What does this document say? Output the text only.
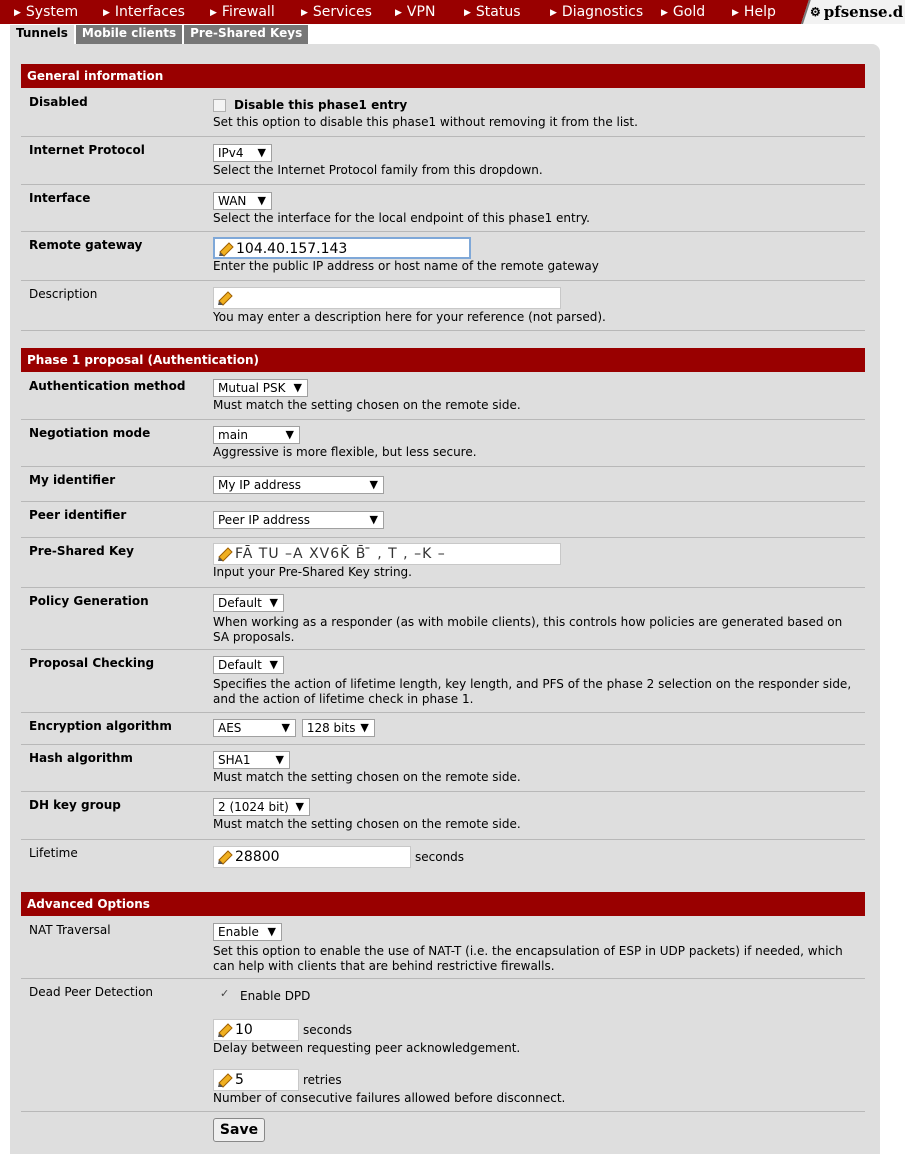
▶ System	▶ Interfaces	▶ Firewall	▶ Services	▶ VPN	▶ Status	▶ Diagnostics ▶ Gold	▶ Help	⚙ pfsense.d
Tunnels	Mobile clients	Pre-Shared Keys
General information
Disabled	Disable this phase1 entry
Set this option to disable this phase1 without removing it from the list.
Internet Protocol	IPv4 ▼
Select the Internet Protocol family from this dropdown.
Interface	WAN ▼
Select the interface for the local endpoint of this phase1 entry.
Remote gateway	104.40.157.143
Enter the public IP address or host name of the remote gateway
Description
You may enter a description here for your reference (not parsed).
Phase 1 proposal (Authentication)
Authentication method	Mutual PSK ▼
Must match the setting chosen on the remote side.
Negotiation mode	main	▼
Aggressive is more flexible, but less secure.
My identifier	My IP address	▼
Peer identifier	Peer IP address	▼
Pre-Shared Key	FĀ TU –A XV6K̄ B̄ ̄ , T , –K –
Input your Pre-Shared Key string.
Policy Generation	Default ▼
When working as a responder (as with mobile clients), this controls how policies are generated based on SA proposals.
Proposal Checking	Default ▼
Specifies the action of lifetime length, key length, and PFS of the phase 2 selection on the responder side, and the action of lifetime check in phase 1.
Encryption algorithm	AES	▼ 128 bits ▼
Hash algorithm	SHA1 ▼
Must match the setting chosen on the remote side.
DH key group	2 (1024 bit) ▼
Must match the setting chosen on the remote side.
Lifetime	28800	seconds
Advanced Options
NAT Traversal	Enable ▼
Set this option to enable the use of NAT-T (i.e. the encapsulation of ESP in UDP packets) if needed, which can help with clients that are behind restrictive firewalls.
Dead Peer Detection
✓	Enable DPD
10	seconds
Delay between requesting peer acknowledgement.
5	retries
Number of consecutive failures allowed before disconnect.
Save
